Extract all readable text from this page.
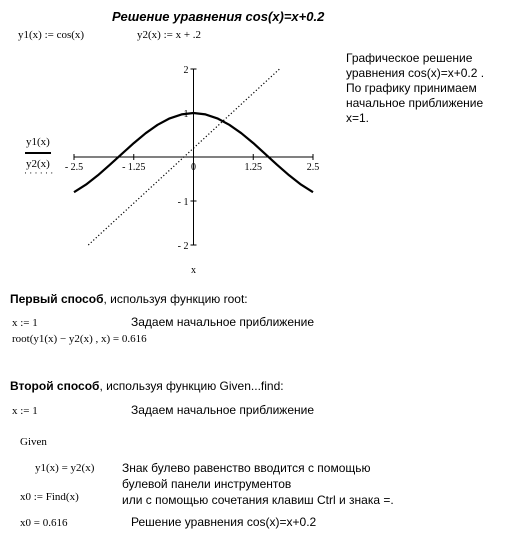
Решение уравнения cos(x)=x+0.2
y1(x) := cos(x)	y2(x) := x + .2
- 2.5	- 1.25	0	1.25	2.5
2
1
- 1
- 2
x
y1(x)
y2(x)
· · · · · ·
Графическое решение
уравнения cos(x)=x+0.2 .
По графику принимаем
начальное приближение
x=1.
Первый способ, используя функцию root:
x := 1	Задаем начальное приближение
root(y1(x) − y2(x) , x) = 0.616
Второй способ, используя функцию Given...find:
x := 1	Задаем начальное приближение
Given
y1(x) = y2(x)
x0 := Find(x)
Знак булево равенство вводится с помощью
булевой панели инструментов
или с помощью сочетания клавиш Ctrl и знака =.
x0 = 0.616	Решение уравнения cos(x)=x+0.2
